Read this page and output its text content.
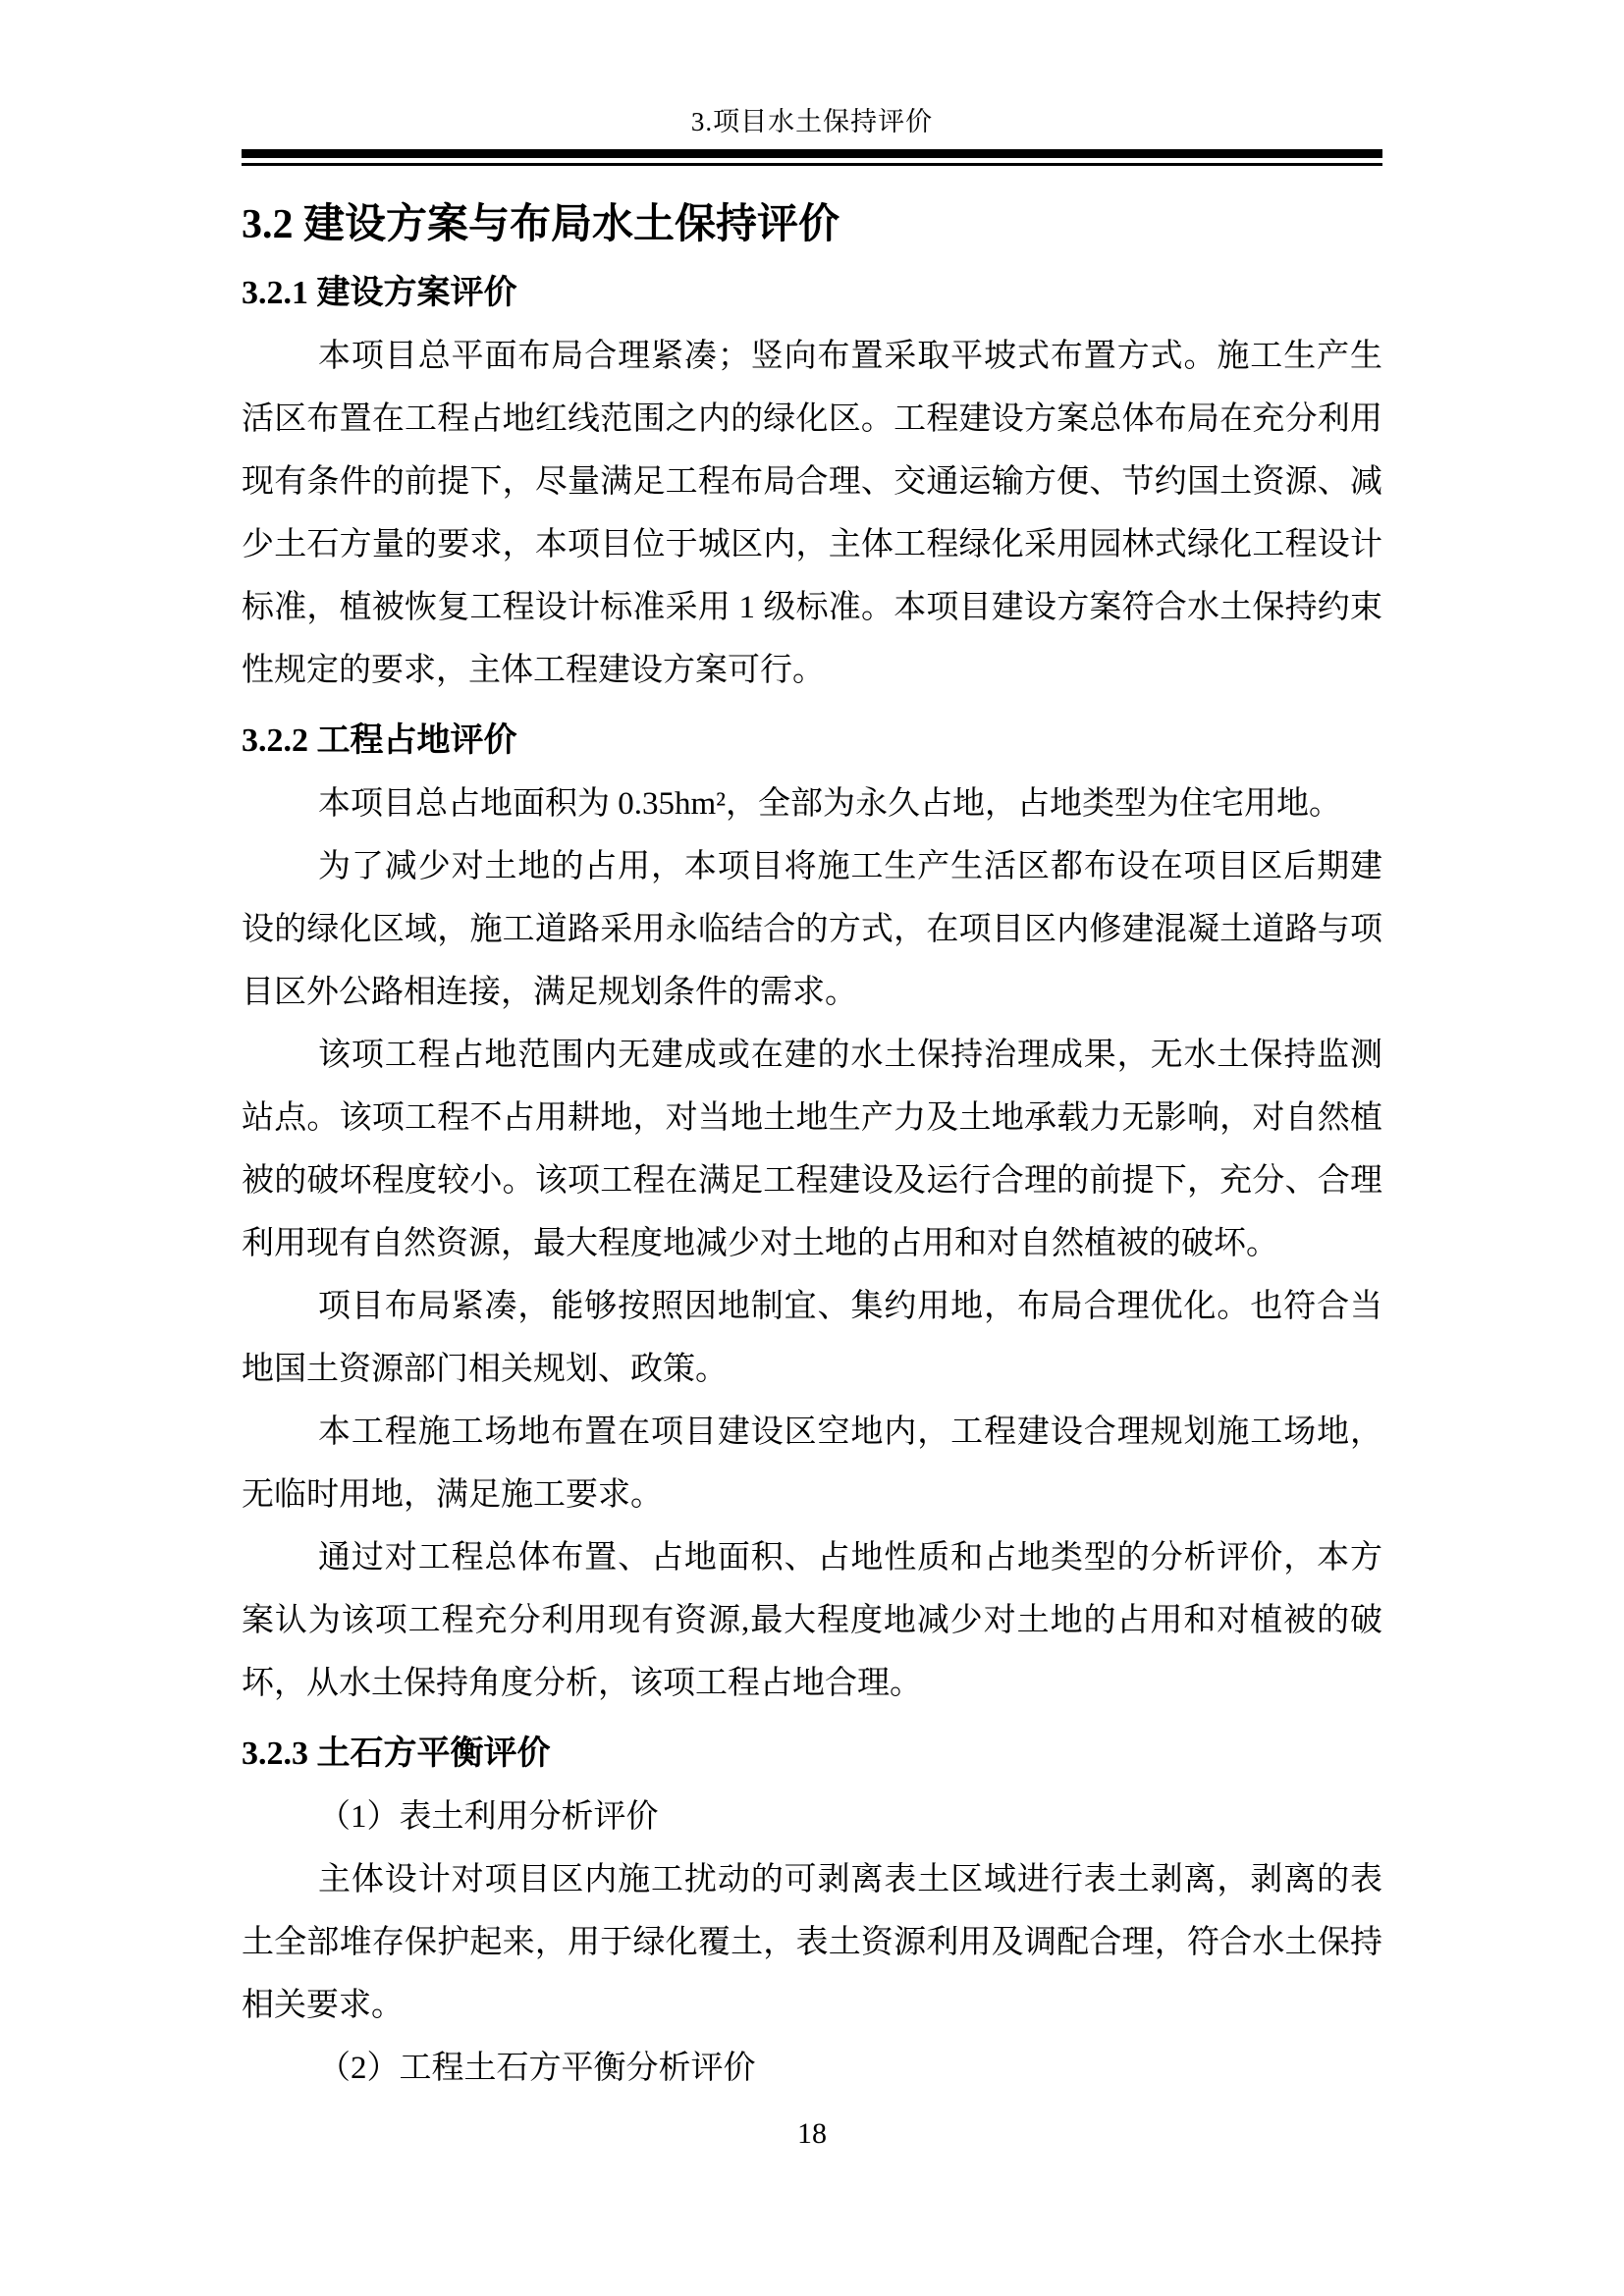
3.项目水土保持评价
3.2 建设方案与布局水土保持评价
3.2.1 建设方案评价

本项目总平面布局合理紧凑；竖向布置采取平坡式布置方式。施工生产生活区布置在工程占地红线范围之内的绿化区。工程建设方案总体布局在充分利用现有条件的前提下，尽量满足工程布局合理、交通运输方便、节约国土资源、减少土石方量的要求，本项目位于城区内，主体工程绿化采用园林式绿化工程设计标准，植被恢复工程设计标准采用 1 级标准。本项目建设方案符合水土保持约束性规定的要求，主体工程建设方案可行。

3.2.2 工程占地评价

本项目总占地面积为 0.35hm²，全部为永久占地，占地类型为住宅用地。

为了减少对土地的占用，本项目将施工生产生活区都布设在项目区后期建设的绿化区域，施工道路采用永临结合的方式，在项目区内修建混凝土道路与项目区外公路相连接，满足规划条件的需求。

该项工程占地范围内无建成或在建的水土保持治理成果，无水土保持监测站点。该项工程不占用耕地，对当地土地生产力及土地承载力无影响，对自然植被的破坏程度较小。该项工程在满足工程建设及运行合理的前提下，充分、合理利用现有自然资源，最大程度地减少对土地的占用和对自然植被的破坏。

项目布局紧凑，能够按照因地制宜、集约用地，布局合理优化。也符合当地国土资源部门相关规划、政策。

本工程施工场地布置在项目建设区空地内，工程建设合理规划施工场地，无临时用地，满足施工要求。

通过对工程总体布置、占地面积、占地性质和占地类型的分析评价，本方案认为该项工程充分利用现有资源,最大程度地减少对土地的占用和对植被的破坏，从水土保持角度分析，该项工程占地合理。

3.2.3 土石方平衡评价

（1）表土利用分析评价

主体设计对项目区内施工扰动的可剥离表土区域进行表土剥离，剥离的表土全部堆存保护起来，用于绿化覆土，表土资源利用及调配合理，符合水土保持相关要求。

（2）工程土石方平衡分析评价

18
